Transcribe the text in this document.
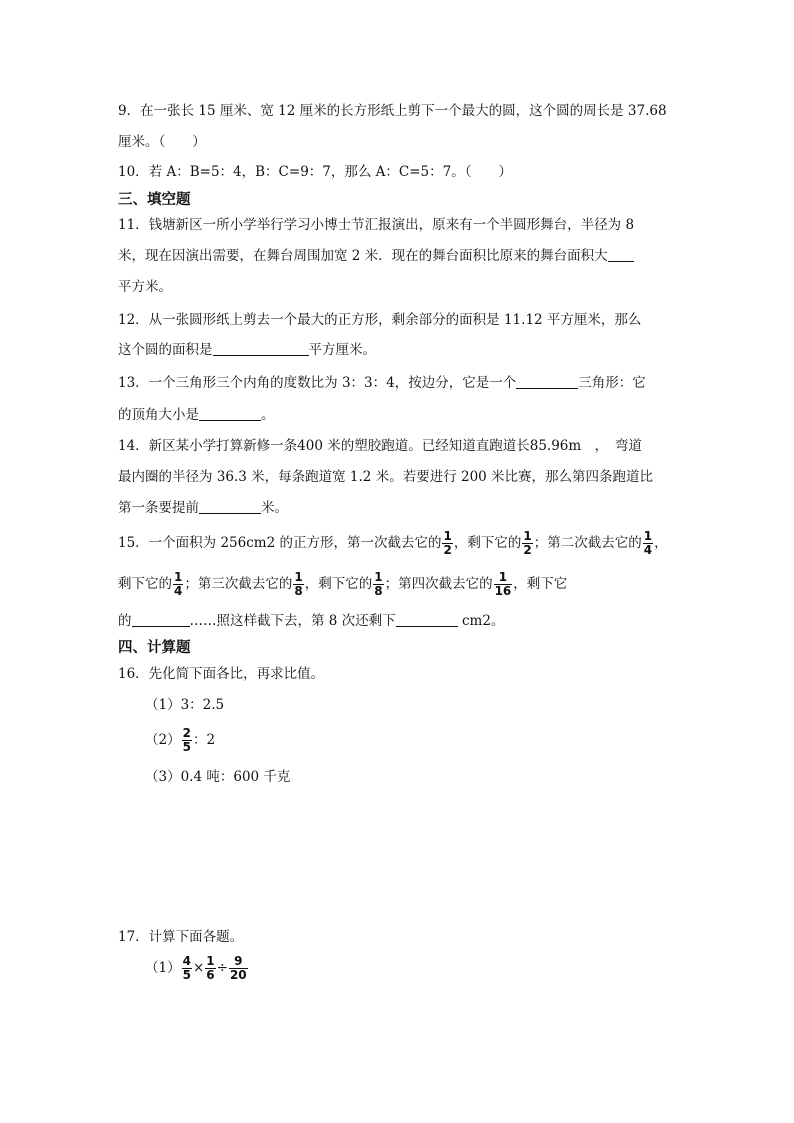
9．在一张长 15 厘米、宽 12 厘米的长方形纸上剪下一个最大的圆，这个圆的周长是 37.68
厘米。（　　）
10．若 A：B=5：4，B：C=9：7，那么 A：C=5：7。（　　）
三、填空题
11．钱塘新区一所小学举行学习小博士节汇报演出，原来有一个半圆形舞台，半径为 8
米，现在因演出需要，在舞台周围加宽 2 米．现在的舞台面积比原来的舞台面积大
平方米。
12．从一张圆形纸上剪去一个最大的正方形，剩余部分的面积是 11.12 平方厘米，那么
这个圆的面积是	平方厘米。
13．一个三角形三个内角的度数比为 3：3：4，按边分，它是一个	三角形：它
的顶角大小是	。
14．新区某小学打算新修一条400 米的塑胶跑道。已经知道直跑道长85.96m　，　弯道
最内圈的半径为 36.3 米，每条跑道宽 1.2 米。若要进行 200 米比赛，那么第四条跑道比
第一条要提前	米。
15．一个面积为 256cm2 的正方形，第一次截去它的 $\frac{1}{2}$ ，剩下它的 $\frac{1}{2}$ ；第二次截去它的 $\frac{1}{4}$ ，
剩下它的 $\frac{1}{4}$ ；第三次截去它的 $\frac{1}{8}$ ，剩下它的 $\frac{1}{8}$ ；第四次截去它的 $\frac{1}{16}$ ，剩下它
的	……照这样截下去，第 8 次还剩下	cm2。
四、计算题
16．先化简下面各比，再求比值。
（1）3：2.5
$(2) \frac{2}{5}$ ：2
（3）0.4 吨：600 千克
17．计算下面各题。
$(1) \frac{4}{5} \times \frac{1}{6} \div \frac{9}{20}$
